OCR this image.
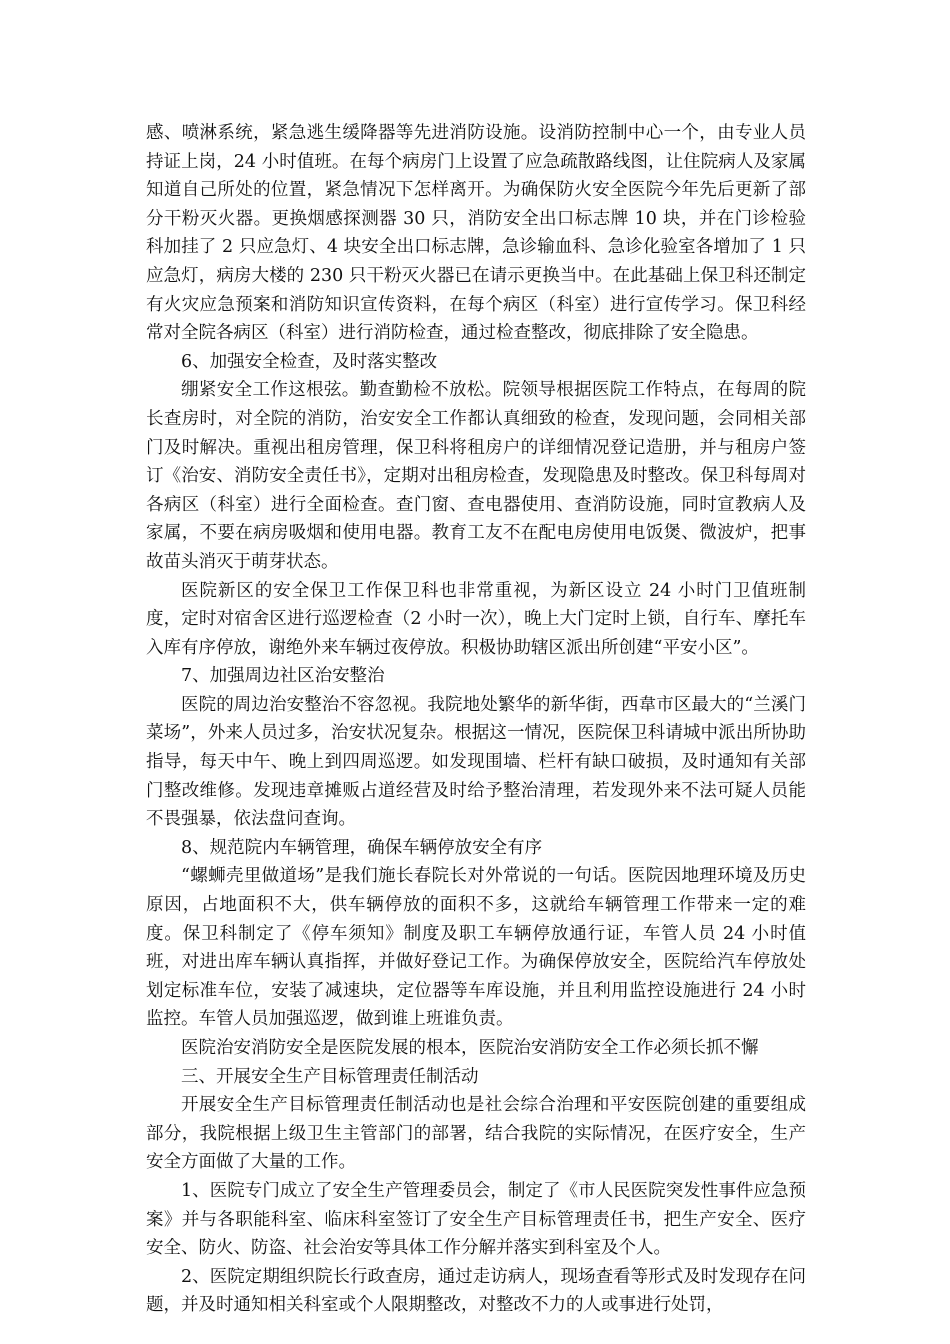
感、喷淋系统，紧急逃生缓降器等先进消防设施。设消防控制中心一个，由专业人员持证上岗，24 小时值班。在每个病房门上设置了应急疏散路线图，让住院病人及家属知道自己所处的位置，紧急情况下怎样离开。为确保防火安全医院今年先后更新了部分干粉灭火器。更换烟感探测器 30 只，消防安全出口标志牌 10 块，并在门诊检验科加挂了 2 只应急灯、4 块安全出口标志牌，急诊输血科、急诊化验室各增加了 1 只应急灯，病房大楼的 230 只干粉灭火器已在请示更换当中。在此基础上保卫科还制定有火灾应急预案和消防知识宣传资料，在每个病区（科室）进行宣传学习。保卫科经常对全院各病区（科室）进行消防检查，通过检查整改，彻底排除了安全隐患。

6、加强安全检查，及时落实整改

绷紧安全工作这根弦。勤查勤检不放松。院领导根据医院工作特点，在每周的院长查房时，对全院的消防，治安安全工作都认真细致的检查，发现问题，会同相关部门及时解决。重视出租房管理，保卫科将租房户的详细情况登记造册，并与租房户签订《治安、消防安全责任书》，定期对出租房检查，发现隐患及时整改。保卫科每周对各病区（科室）进行全面检查。查门窗、查电器使用、查消防设施，同时宣教病人及家属，不要在病房吸烟和使用电器。教育工友不在配电房使用电饭煲、微波炉，把事故苗头消灭于萌芽状态。

医院新区的安全保卫工作保卫科也非常重视，为新区设立 24 小时门卫值班制度，定时对宿舍区进行巡逻检查（2 小时一次），晚上大门定时上锁，自行车、摩托车入库有序停放，谢绝外来车辆过夜停放。积极协助辖区派出所创建“平安小区”。

7、加强周边社区治安整治

医院的周边治安整治不容忽视。我院地处繁华的新华街，西韋市区最大的“兰溪门菜场”，外来人员过多，治安状况复杂。根据这一情况，医院保卫科请城中派出所协助指导，每天中午、晚上到四周巡逻。如发现围墙、栏杆有缺口破损，及时通知有关部门整改维修。发现违章摊贩占道经营及时给予整治清理，若发现外来不法可疑人员能不畏强暴，依法盘问查询。

8、规范院内车辆管理，确保车辆停放安全有序

“螺蛳壳里做道场”是我们施长春院长对外常说的一句话。医院因地理环境及历史原因，占地面积不大，供车辆停放的面积不多，这就给车辆管理工作带来一定的难度。保卫科制定了《停车须知》制度及职工车辆停放通行证，车管人员 24 小时值班，对进出库车辆认真指挥，并做好登记工作。为确保停放安全，医院给汽车停放处划定标准车位，安装了减速块，定位器等车库设施，并且利用监控设施进行 24 小时监控。车管人员加强巡逻，做到谁上班谁负责。

医院治安消防安全是医院发展的根本，医院治安消防安全工作必须长抓不懈

三、开展安全生产目标管理责任制活动

开展安全生产目标管理责任制活动也是社会综合治理和平安医院创建的重要组成部分，我院根据上级卫生主管部门的部署，结合我院的实际情况，在医疗安全，生产安全方面做了大量的工作。

1、医院专门成立了安全生产管理委员会，制定了《市人民医院突发性事件应急预案》并与各职能科室、临床科室签订了安全生产目标管理责任书，把生产安全、医疗安全、防火、防盗、社会治安等具体工作分解并落实到科室及个人。

2、医院定期组织院长行政查房，通过走访病人，现场查看等形式及时发现存在问题，并及时通知相关科室或个人限期整改，对整改不力的人或事进行处罚，
